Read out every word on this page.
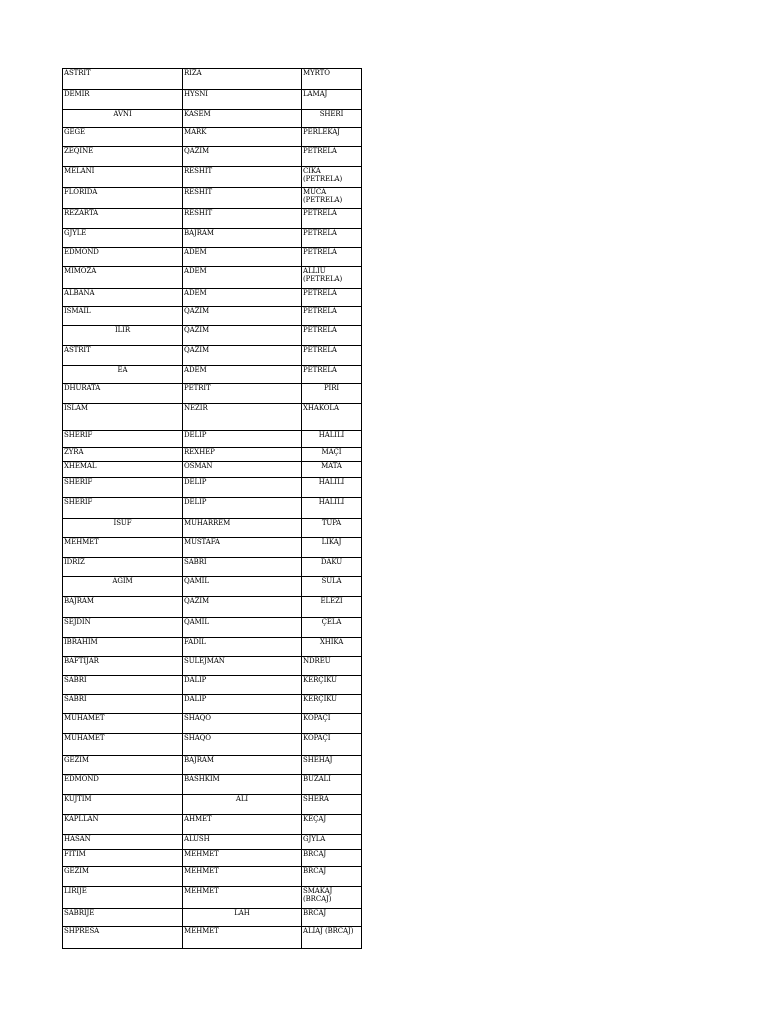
ASTRIT	RIZA	MYRTO
DEMIR	HYSNI	LAMAJ
AVNI	KASEM	SHERI
GEGË	MARK	PERLEKAJ
ZEQINE	QAZIM	PETRELA
MELANI	RESHIT	CIKA
(PETRELA)
FLORIDA	RESHIT	MUCA
(PETRELA)
REZARTA	RESHIT	PETRELA
GJYLE	BAJRAM	PETRELA
EDMOND	ADEM	PETRELA
MIMOZA	ADEM	ALLIU
(PETRELA)
ALBANA	ADEM	PETRELA
ISMAIL	QAZIM	PETRELA
ILIR	QAZIM	PETRELA
ASTRIT	QAZIM	PETRELA
EA	ADEM	PETRELA
DHURATA	PETRIT	PIRI
ISLAM	NEZIR	XHAKOLA
SHERIF	DELIP	HALILI
ZYRA	REXHEP	MAÇI
XHEMAL	OSMAN	MATA
SHERIF	DELIP	HALILI
SHERIF	DELIP	HALILI
ISUF	MUHARREM	TUPA
MEHMET	MUSTAFA	LIKAJ
IDRIZ	SABRI	DAKU
AGIM	QAMIL	SULA
BAJRAM	QAZIM	ELEZI
SEJDIN	QAMIL	ÇELA
IBRAHIM	FADIL	XHIKA
BAFTIJAR	SULEJMAN	NDREU
SABRI	DALIP	KERÇIKU
SABRI	DALIP	KERÇIKU
MUHAMET	SHAQO	KOPAÇI
MUHAMET	SHAQO	KOPAÇI
GËZIM	BAJRAM	SHEHAJ
EDMOND	BASHKIM	BUZALI
KUJTIM	ALI	SHERA
KAPLLAN	AHMET	KEÇAJ
HASAN	ALUSH	GJYLA
FITIM	MEHMET	BRCAJ
GEZIM	MEHMET	BRCAJ
LIRIJE	MEHMET	SMAKAJ
(BRCAJ)
SABRIJE	LAH	BRCAJ
SHPRESA	MEHMET	ALIAJ (BRCAJ)
